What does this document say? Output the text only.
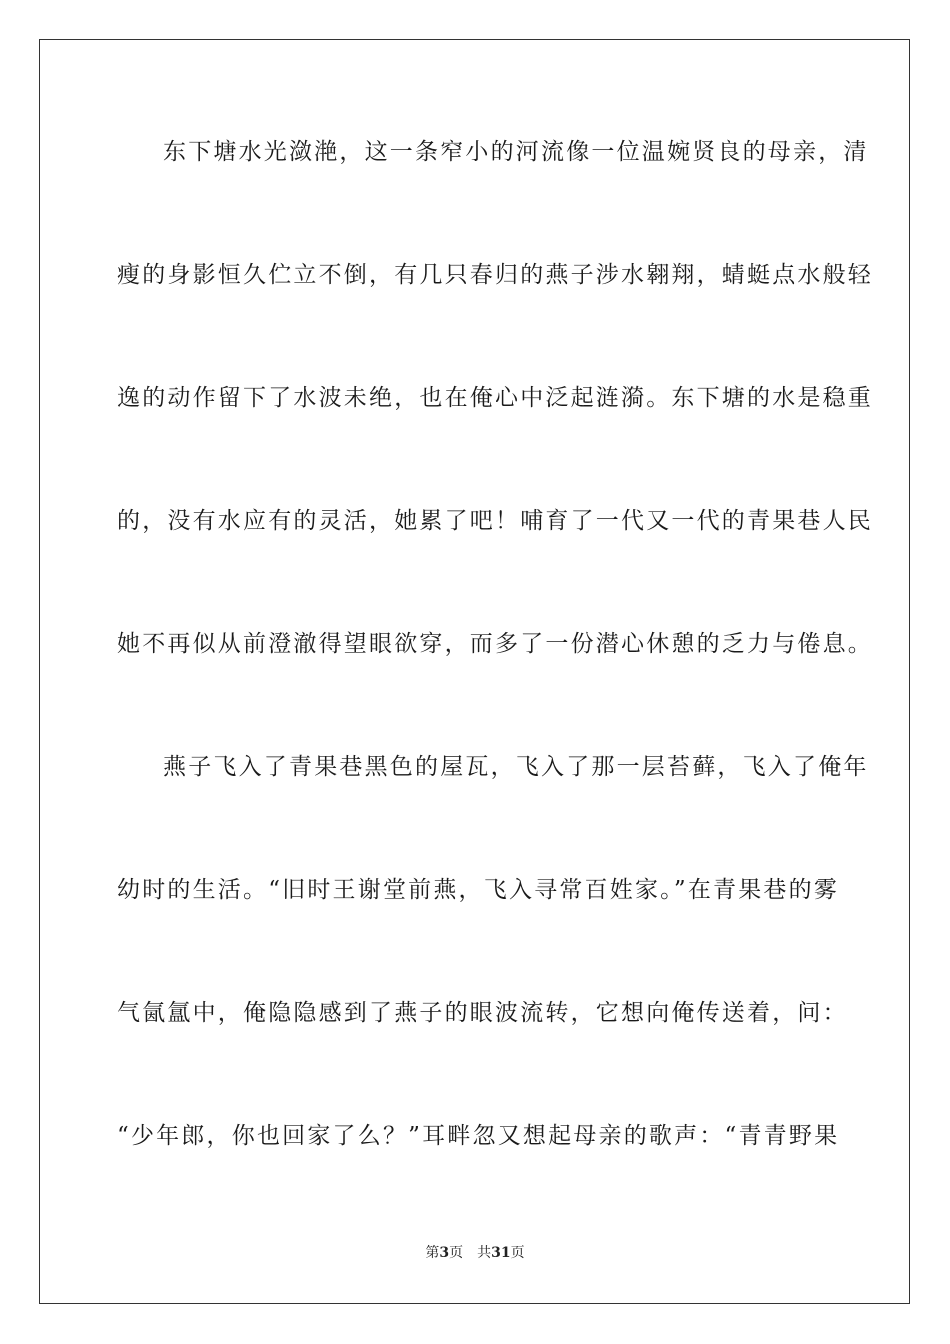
东下塘水光潋滟，这一条窄小的河流像一位温婉贤良的母亲，清
瘦的身影恒久伫立不倒，有几只春归的燕子涉水翱翔，蜻蜓点水般轻
逸的动作留下了水波未绝，也在俺心中泛起涟漪。东下塘的水是稳重
的，没有水应有的灵活，她累了吧！哺育了一代又一代的青果巷人民
她不再似从前澄澈得望眼欲穿，而多了一份潜心休憩的乏力与倦息。
燕子飞入了青果巷黑色的屋瓦，飞入了那一层苔藓，飞入了俺年
幼时的生活。“旧时王谢堂前燕，飞入寻常百姓家。”在青果巷的雾
气氤氲中，俺隐隐感到了燕子的眼波流转，它想向俺传送着，问：
“少年郎，你也回家了么？”耳畔忽又想起母亲的歌声：“青青野果
第3页 共31页
